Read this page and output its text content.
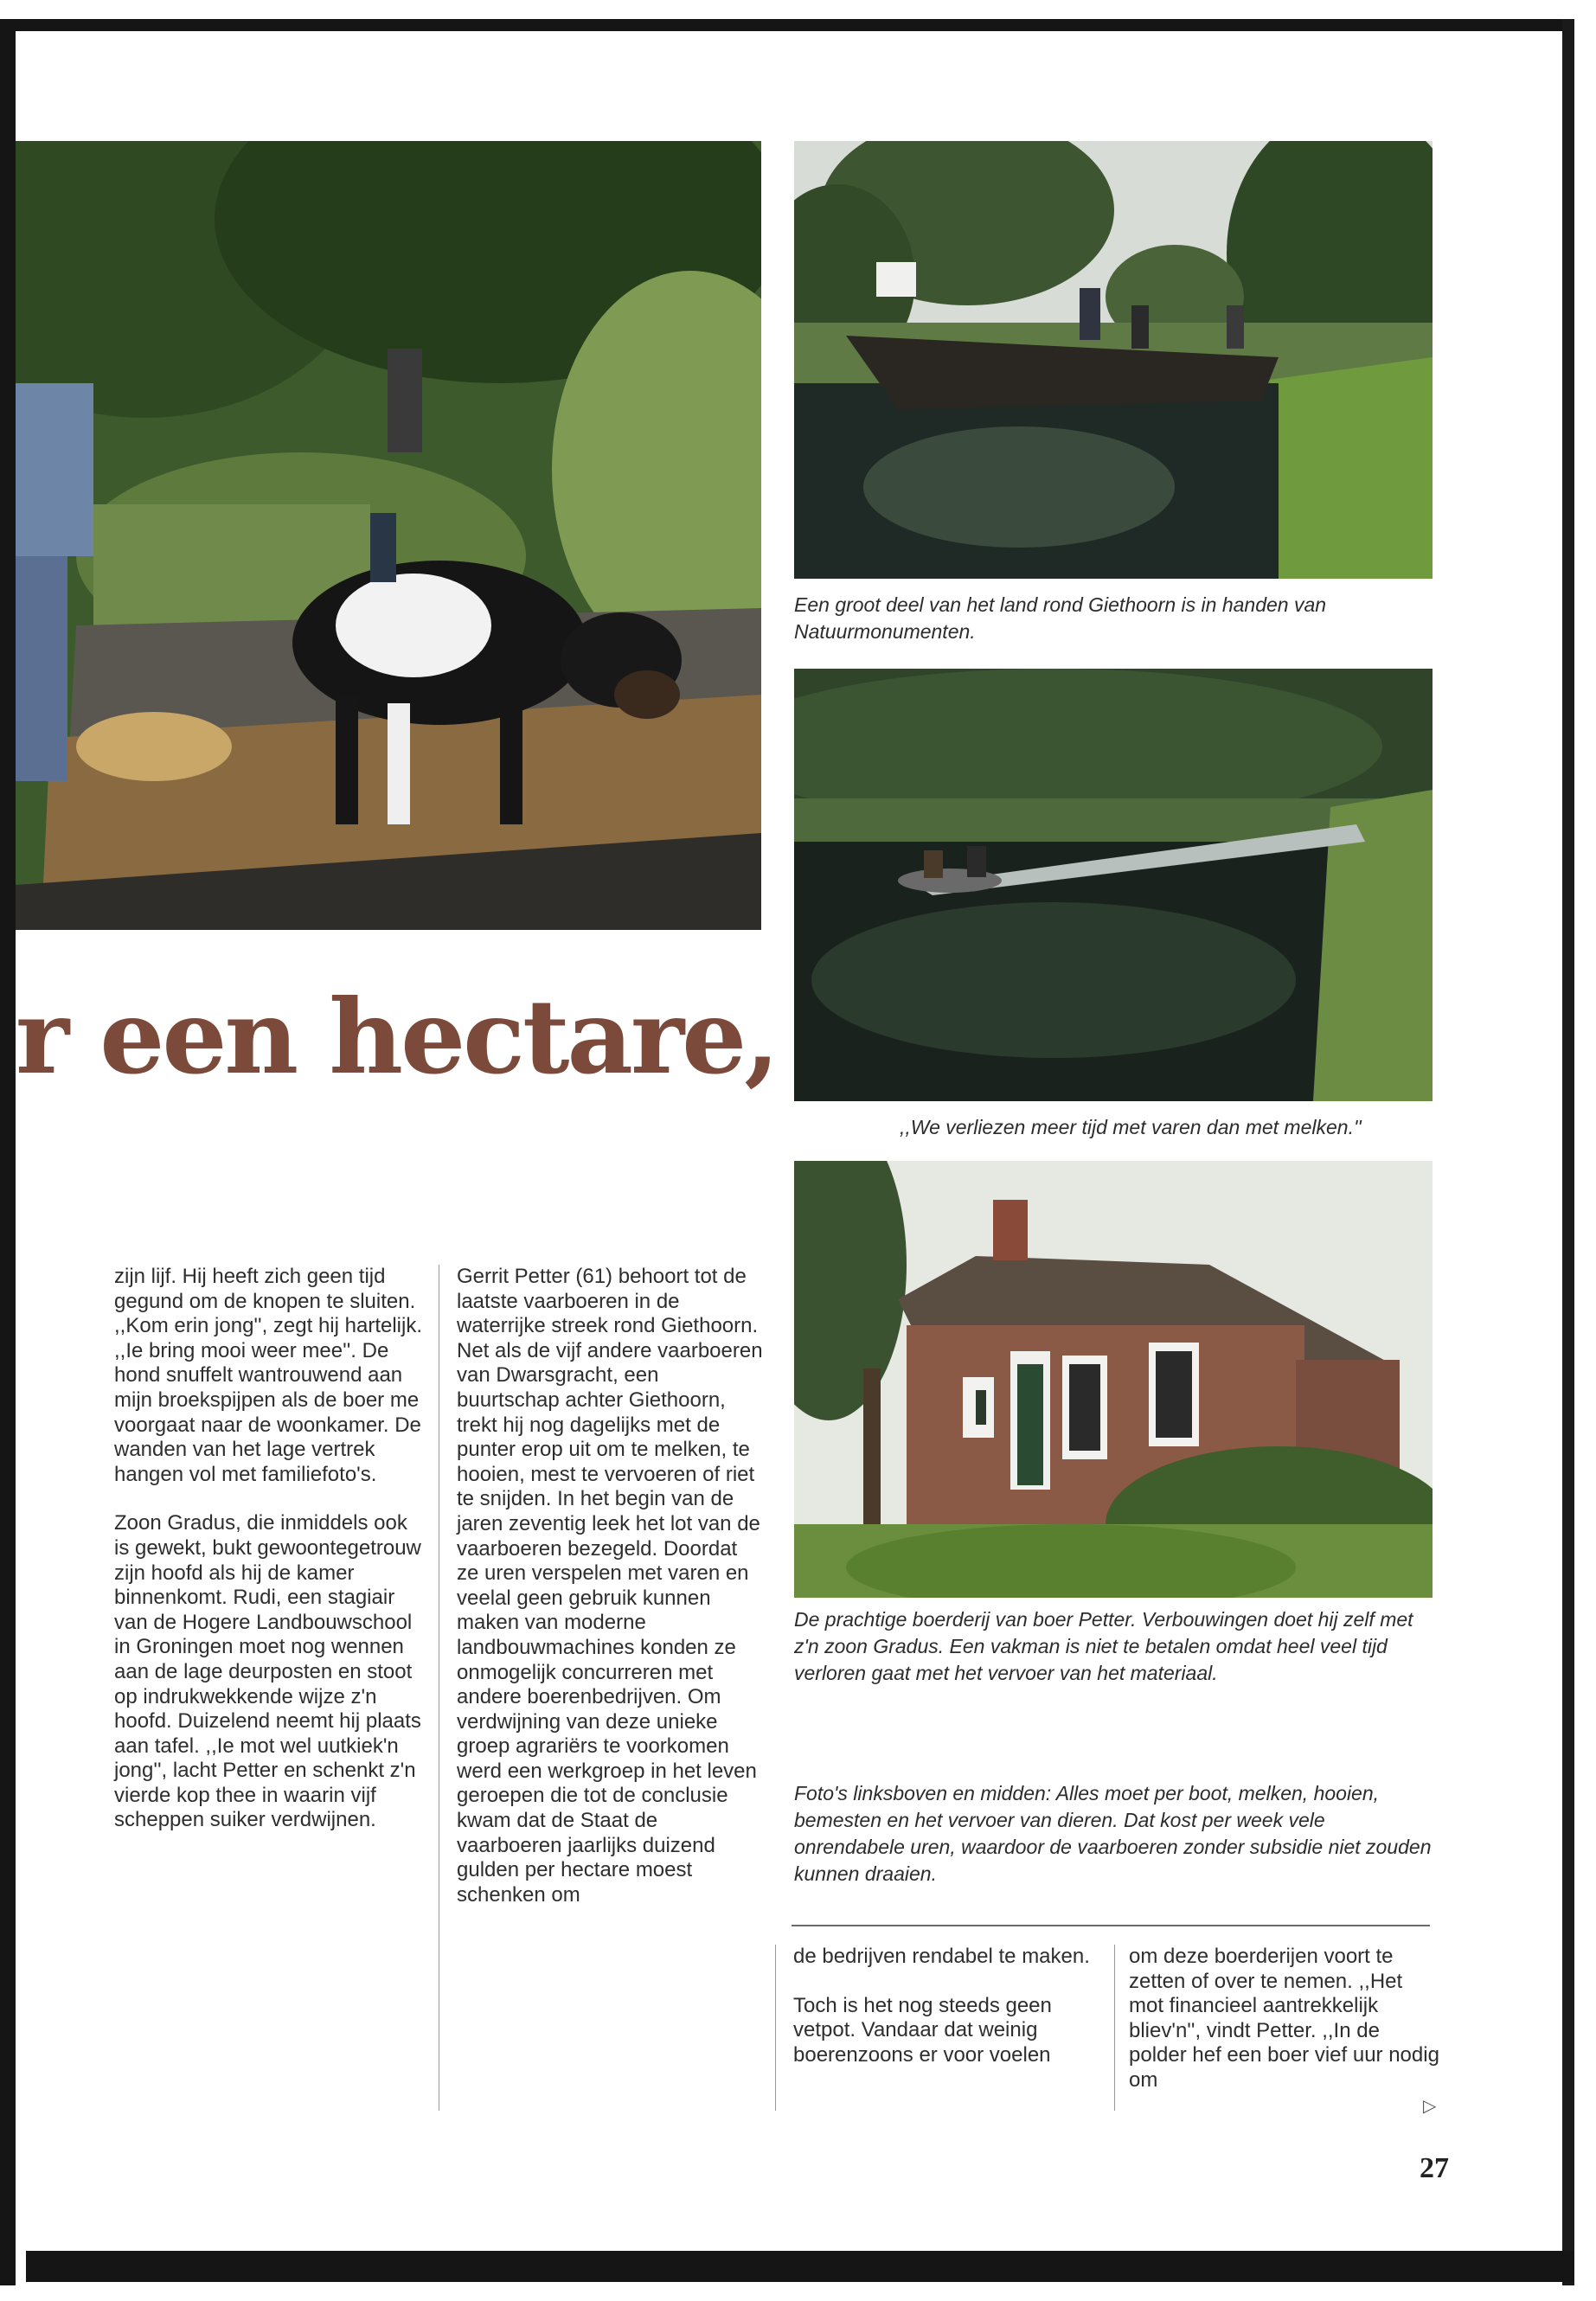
r een hectare,
Een groot deel van het land rond Giethoorn is in handen van Natuurmonumenten.
,,We verliezen meer tijd met varen dan met melken.''
De prachtige boerderij van boer Petter. Verbouwingen doet hij zelf met z'n zoon Gradus. Een vakman is niet te betalen omdat heel veel tijd verloren gaat met het vervoer van het materiaal.
Foto's linksboven en midden: Alles moet per boot, melken, hooien, bemesten en het vervoer van dieren. Dat kost per week vele onrendabele uren, waardoor de vaarboeren zonder subsidie niet zouden kunnen draaien.

zijn lijf. Hij heeft zich geen tijd gegund om de knopen te sluiten. ,,Kom erin jong'', zegt hij hartelijk. ,,Ie bring mooi weer mee''. De hond snuffelt wantrouwend aan mijn broekspijpen als de boer me voorgaat naar de woonkamer. De wanden van het lage vertrek hangen vol met familiefoto's.

Zoon Gradus, die inmiddels ook is gewekt, bukt gewoontegetrouw zijn hoofd als hij de kamer binnenkomt. Rudi, een stagiair van de Hogere Landbouwschool in Groningen moet nog wennen aan de lage deurposten en stoot op indrukwekkende wijze z'n hoofd. Duizelend neemt hij plaats aan tafel. ,,Ie mot wel uutkiek'n jong'', lacht Petter en schenkt z'n vierde kop thee in waarin vijf scheppen suiker verdwijnen.

Gerrit Petter (61) behoort tot de laatste vaarboeren in de waterrijke streek rond Giethoorn. Net als de vijf andere vaarboeren van Dwarsgracht, een buurtschap achter Giethoorn, trekt hij nog dagelijks met de punter erop uit om te melken, te hooien, mest te vervoeren of riet te snijden. In het begin van de jaren zeventig leek het lot van de vaarboeren bezegeld. Doordat ze uren verspelen met varen en veelal geen gebruik kunnen maken van moderne landbouwmachines konden ze onmogelijk concurreren met andere boerenbedrijven. Om verdwijning van deze unieke groep agrariërs te voorkomen werd een werkgroep in het leven geroepen die tot de conclusie kwam dat de Staat de vaarboeren jaarlijks duizend gulden per hectare moest schenken om

de bedrijven rendabel te maken.

Toch is het nog steeds geen vetpot. Vandaar dat weinig boerenzoons er voor voelen

om deze boerderijen voort te zetten of over te nemen. ,,Het mot financieel aantrekkelijk bliev'n'', vindt Petter. ,,In de polder hef een boer vief uur nodig om

▷
27
